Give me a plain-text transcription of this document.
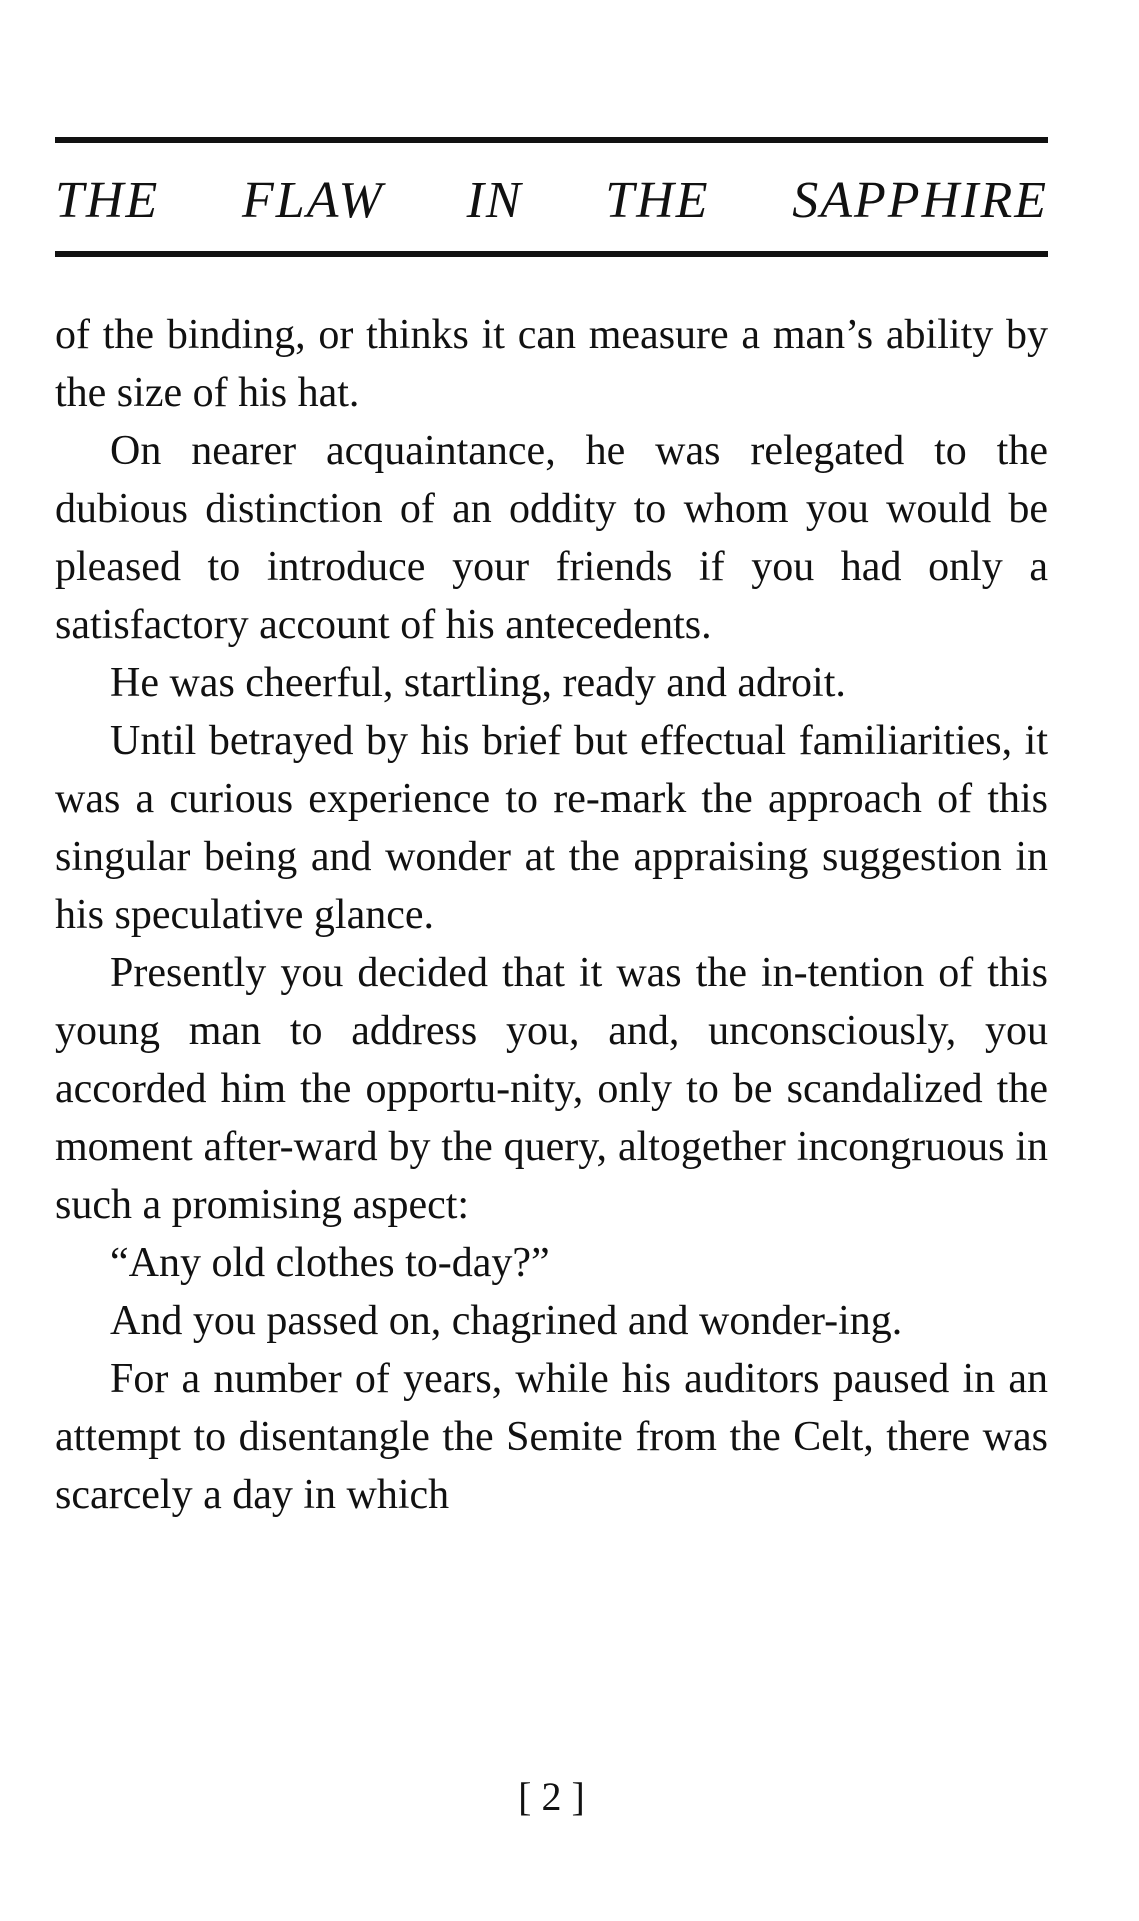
THE FLAW IN THE SAPPHIRE

of the binding, or thinks it can measure a man’s ability by the size of his hat.

On nearer acquaintance, he was relegated to the dubious distinction of an oddity to whom you would be pleased to introduce your friends if you had only a satisfactory account of his antecedents.

He was cheerful, startling, ready and adroit.

Until betrayed by his brief but effectual familiarities, it was a curious experience to re-mark the approach of this singular being and wonder at the appraising suggestion in his speculative glance.

Presently you decided that it was the in-tention of this young man to address you, and, unconsciously, you accorded him the opportu-nity, only to be scandalized the moment after-ward by the query, altogether incongruous in such a promising aspect:

“Any old clothes to-day?”

And you passed on, chagrined and wonder-ing.

For a number of years, while his auditors paused in an attempt to disentangle the Semite from the Celt, there was scarcely a day in which

[ 2 ]
